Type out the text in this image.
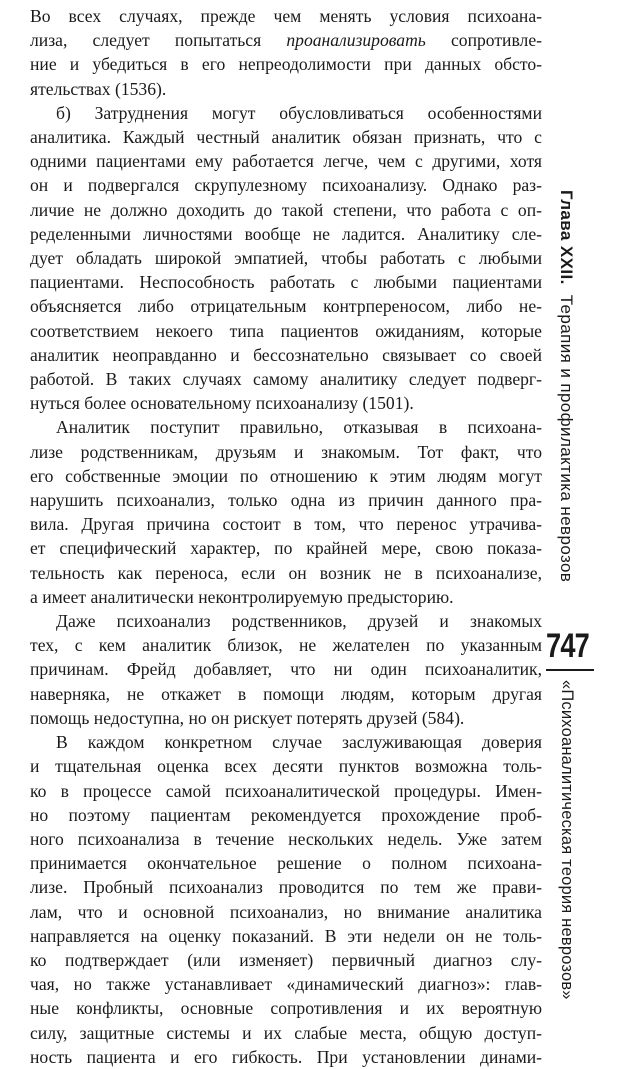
Во всех случаях, прежде чем менять условия психоана-
лиза, следует попытаться проанализировать сопротивле-
ние и убедиться в его непреодолимости при данных обсто-
ятельствах (1536).
б) Затруднения могут обусловливаться особенностями
аналитика. Каждый честный аналитик обязан признать, что с
одними пациентами ему работается легче, чем с другими, хотя
он и подвергался скрупулезному психоанализу. Однако раз-
личие не должно доходить до такой степени, что работа с оп-
ределенными личностями вообще не ладится. Аналитику сле-
дует обладать широкой эмпатией, чтобы работать с любыми
пациентами. Неспособность работать с любыми пациентами
объясняется либо отрицательным контрпереносом, либо не-
соответствием некоего типа пациентов ожиданиям, которые
аналитик неоправданно и бессознательно связывает со своей
работой. В таких случаях самому аналитику следует подверг-
нуться более основательному психоанализу (1501).
Аналитик поступит правильно, отказывая в психоана-
лизе родственникам, друзьям и знакомым. Тот факт, что
его собственные эмоции по отношению к этим людям могут
нарушить психоанализ, только одна из причин данного пра-
вила. Другая причина состоит в том, что перенос утрачива-
ет специфический характер, по крайней мере, свою показа-
тельность как переноса, если он возник не в психоанализе,
а имеет аналитически неконтролируемую предысторию.
Даже психоанализ родственников, друзей и знакомых
тех, с кем аналитик близок, не желателен по указанным
причинам. Фрейд добавляет, что ни один психоаналитик,
наверняка, не откажет в помощи людям, которым другая
помощь недоступна, но он рискует потерять друзей (584).
В каждом конкретном случае заслуживающая доверия
и тщательная оценка всех десяти пунктов возможна толь-
ко в процессе самой психоаналитической процедуры. Имен-
но поэтому пациентам рекомендуется прохождение проб-
ного психоанализа в течение нескольких недель. Уже затем
принимается окончательное решение о полном психоана-
лизе. Пробный психоанализ проводится по тем же прави-
лам, что и основной психоанализ, но внимание аналитика
направляется на оценку показаний. В эти недели он не толь-
ко подтверждает (или изменяет) первичный диагноз слу-
чая, но также устанавливает «динамический диагноз»: глав-
ные конфликты, основные сопротивления и их вероятную
силу, защитные системы и их слабые места, общую доступ-
ность пациента и его гибкость. При установлении динами-
Глава XXII.Терапия и профилактика неврозов
747
«Психоаналитическая теория неврозов»
